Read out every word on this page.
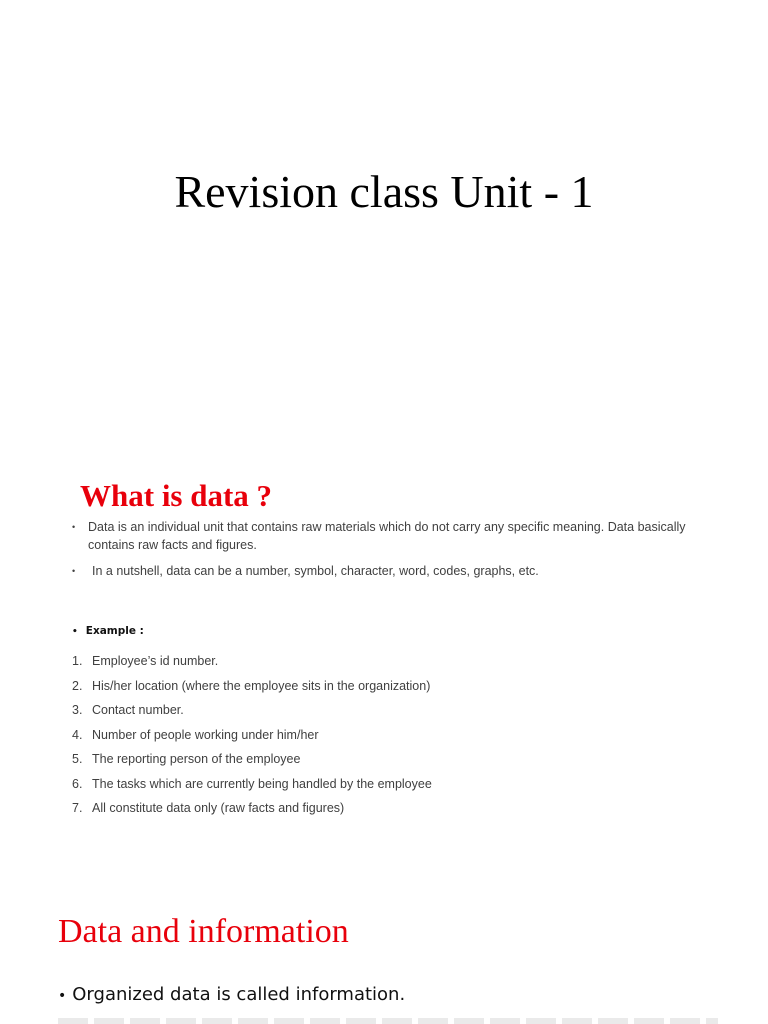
Revision class Unit - 1
What is data ?
• Data is an individual unit that contains raw materials which do not carry any specific meaning. Data basically contains raw facts and figures.
• In a nutshell, data can be a number, symbol, character, word, codes, graphs, etc.
• Example :
1. Employee’s id number.
2. His/her location (where the employee sits in the organization)
3. Contact number.
4. Number of people working under him/her
5. The reporting person of the employee
6. The tasks which are currently being handled by the employee
7. All constitute data only (raw facts and figures)
Data and information
• Organized data is called information.
